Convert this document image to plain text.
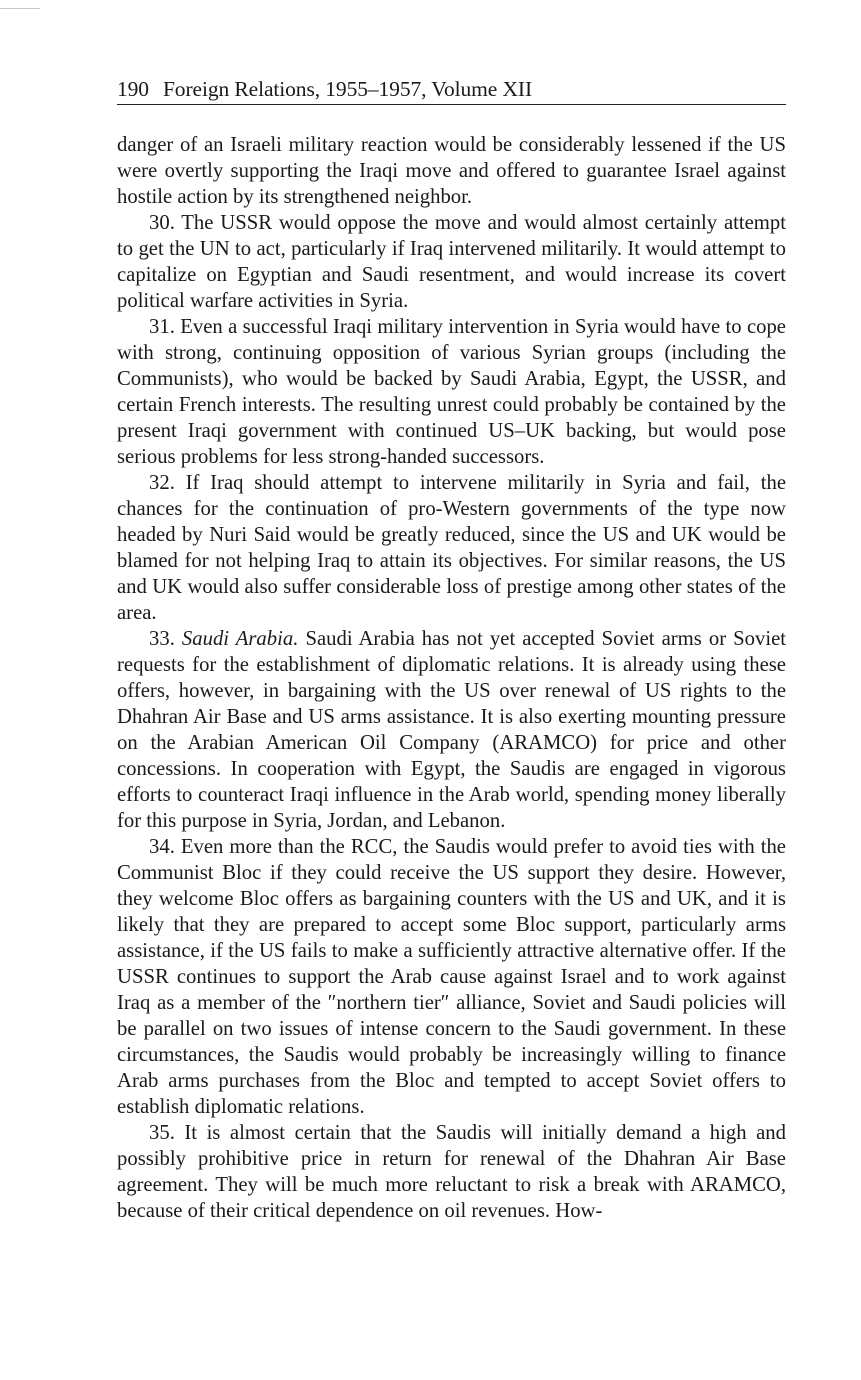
190 Foreign Relations, 1955–1957, Volume XII

danger of an Israeli military reaction would be considerably lessened if the US were overtly supporting the Iraqi move and offered to guarantee Israel against hostile action by its strengthened neighbor.

30. The USSR would oppose the move and would almost certainly attempt to get the UN to act, particularly if Iraq intervened militarily. It would attempt to capitalize on Egyptian and Saudi resentment, and would increase its covert political warfare activities in Syria.

31. Even a successful Iraqi military intervention in Syria would have to cope with strong, continuing opposition of various Syrian groups (including the Communists), who would be backed by Saudi Arabia, Egypt, the USSR, and certain French interests. The resulting unrest could probably be contained by the present Iraqi government with continued US–UK backing, but would pose serious problems for less strong-handed successors.

32. If Iraq should attempt to intervene militarily in Syria and fail, the chances for the continuation of pro-Western governments of the type now headed by Nuri Said would be greatly reduced, since the US and UK would be blamed for not helping Iraq to attain its objectives. For similar reasons, the US and UK would also suffer considerable loss of prestige among other states of the area.

33. Saudi Arabia. Saudi Arabia has not yet accepted Soviet arms or Soviet requests for the establishment of diplomatic relations. It is already using these offers, however, in bargaining with the US over renewal of US rights to the Dhahran Air Base and US arms assistance. It is also exerting mounting pressure on the Arabian American Oil Company (ARAMCO) for price and other concessions. In cooperation with Egypt, the Saudis are engaged in vigorous efforts to counteract Iraqi influence in the Arab world, spending money liberally for this purpose in Syria, Jordan, and Lebanon.

34. Even more than the RCC, the Saudis would prefer to avoid ties with the Communist Bloc if they could receive the US support they desire. However, they welcome Bloc offers as bargaining counters with the US and UK, and it is likely that they are prepared to accept some Bloc support, particularly arms assistance, if the US fails to make a sufficiently attractive alternative offer. If the USSR continues to support the Arab cause against Israel and to work against Iraq as a member of the ″northern tier″ alliance, Soviet and Saudi policies will be parallel on two issues of intense concern to the Saudi government. In these circumstances, the Saudis would probably be increasingly willing to finance Arab arms purchases from the Bloc and tempted to accept Soviet offers to establish diplomatic relations.

35. It is almost certain that the Saudis will initially demand a high and possibly prohibitive price in return for renewal of the Dhahran Air Base agreement. They will be much more reluctant to risk a break with ARAMCO, because of their critical dependence on oil revenues. How-
